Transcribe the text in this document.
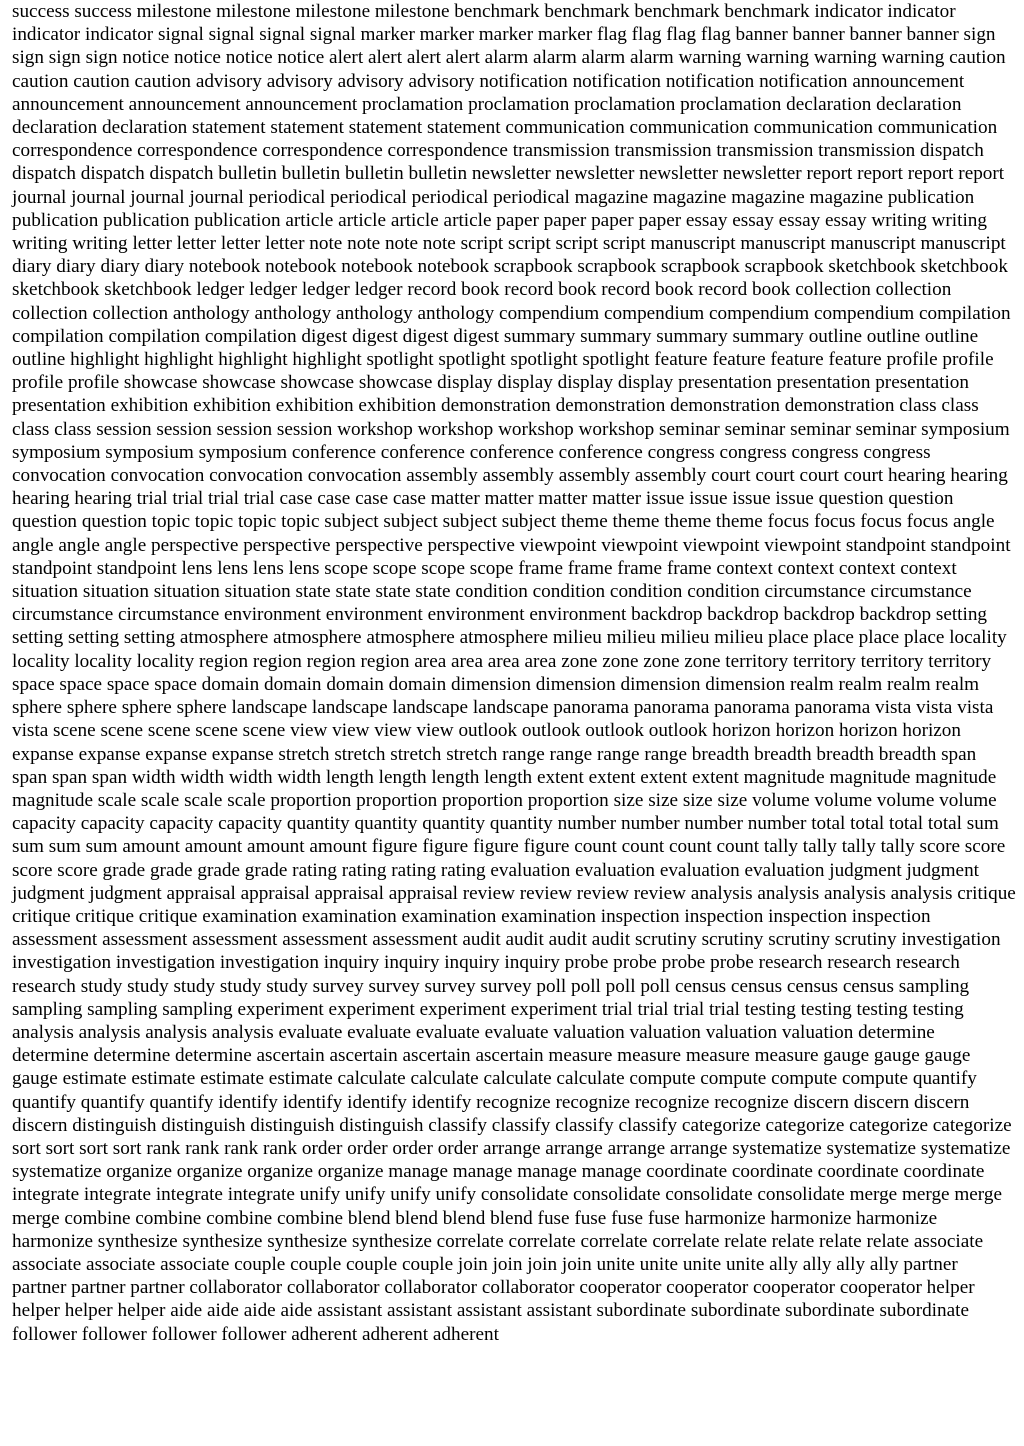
success success milestone milestone milestone milestone benchmark benchmark benchmark benchmark indicator indicator indicator indicator signal signal signal signal marker marker marker marker flag flag flag flag banner banner banner banner sign sign sign sign notice notice notice notice alert alert alert alert alarm alarm alarm alarm warning warning warning warning caution caution caution caution advisory advisory advisory advisory notification notification notification notification announcement announcement announcement announcement proclamation proclamation proclamation proclamation declaration declaration declaration declaration statement statement statement statement communication communication communication communication correspondence correspondence correspondence correspondence transmission transmission transmission transmission dispatch dispatch dispatch dispatch bulletin bulletin bulletin bulletin newsletter newsletter newsletter newsletter report report report report journal journal journal journal periodical periodical periodical periodical magazine magazine magazine magazine publication publication publication publication article article article article paper paper paper paper essay essay essay essay writing writing writing writing letter letter letter letter note note note note script script script script manuscript manuscript manuscript manuscript diary diary diary diary notebook notebook notebook notebook scrapbook scrapbook scrapbook scrapbook sketchbook sketchbook sketchbook sketchbook ledger ledger ledger ledger record book record book record book record book collection collection collection collection anthology anthology anthology anthology compendium compendium compendium compendium compilation compilation compilation compilation digest digest digest digest summary summary summary summary outline outline outline outline highlight highlight highlight highlight spotlight spotlight spotlight spotlight feature feature feature feature profile profile profile profile showcase showcase showcase showcase display display display display presentation presentation presentation presentation exhibition exhibition exhibition exhibition demonstration demonstration demonstration demonstration class class class class session session session session workshop workshop workshop workshop seminar seminar seminar seminar symposium symposium symposium symposium conference conference conference conference congress congress congress congress convocation convocation convocation convocation assembly assembly assembly assembly court court court court hearing hearing hearing hearing trial trial trial trial case case case case matter matter matter matter issue issue issue issue question question question question topic topic topic topic subject subject subject subject theme theme theme theme focus focus focus focus angle angle angle angle perspective perspective perspective perspective viewpoint viewpoint viewpoint viewpoint standpoint standpoint standpoint standpoint lens lens lens lens scope scope scope scope frame frame frame frame context context context context situation situation situation situation state state state state condition condition condition condition circumstance circumstance circumstance circumstance environment environment environment environment backdrop backdrop backdrop backdrop setting setting setting setting atmosphere atmosphere atmosphere atmosphere milieu milieu milieu milieu place place place place locality locality locality locality region region region region area area area area zone zone zone zone territory territory territory territory space space space space domain domain domain domain dimension dimension dimension dimension realm realm realm realm sphere sphere sphere sphere landscape landscape landscape landscape panorama panorama panorama panorama vista vista vista vista scene scene scene scene scene view view view view outlook outlook outlook outlook horizon horizon horizon horizon expanse expanse expanse expanse stretch stretch stretch stretch range range range range breadth breadth breadth breadth span span span span width width width width length length length length extent extent extent extent magnitude magnitude magnitude magnitude scale scale scale scale proportion proportion proportion proportion size size size size volume volume volume volume capacity capacity capacity capacity quantity quantity quantity quantity number number number number total total total total sum sum sum sum amount amount amount amount figure figure figure figure count count count count tally tally tally tally score score score score grade grade grade grade rating rating rating rating evaluation evaluation evaluation evaluation judgment judgment judgment judgment appraisal appraisal appraisal appraisal review review review review analysis analysis analysis analysis critique critique critique critique examination examination examination examination inspection inspection inspection inspection assessment assessment assessment assessment assessment audit audit audit audit scrutiny scrutiny scrutiny scrutiny investigation investigation investigation investigation inquiry inquiry inquiry inquiry probe probe probe probe research research research research study study study study study survey survey survey survey poll poll poll poll census census census census sampling sampling sampling sampling experiment experiment experiment experiment trial trial trial trial testing testing testing testing analysis analysis analysis analysis evaluate evaluate evaluate evaluate valuation valuation valuation valuation determine determine determine determine ascertain ascertain ascertain ascertain measure measure measure measure gauge gauge gauge gauge estimate estimate estimate estimate calculate calculate calculate calculate compute compute compute compute quantify quantify quantify quantify identify identify identify identify recognize recognize recognize recognize discern discern discern discern distinguish distinguish distinguish distinguish classify classify classify classify categorize categorize categorize categorize sort sort sort sort rank rank rank rank order order order order arrange arrange arrange arrange systematize systematize systematize systematize organize organize organize organize manage manage manage manage coordinate coordinate coordinate coordinate integrate integrate integrate integrate unify unify unify unify consolidate consolidate consolidate consolidate merge merge merge merge combine combine combine combine blend blend blend blend fuse fuse fuse fuse harmonize harmonize harmonize harmonize synthesize synthesize synthesize synthesize correlate correlate correlate correlate relate relate relate relate associate associate associate associate couple couple couple couple join join join join unite unite unite unite ally ally ally ally partner partner partner partner collaborator collaborator collaborator collaborator cooperator cooperator cooperator cooperator helper helper helper helper aide aide aide aide assistant assistant assistant assistant subordinate subordinate subordinate subordinate follower follower follower follower adherent adherent adherent
